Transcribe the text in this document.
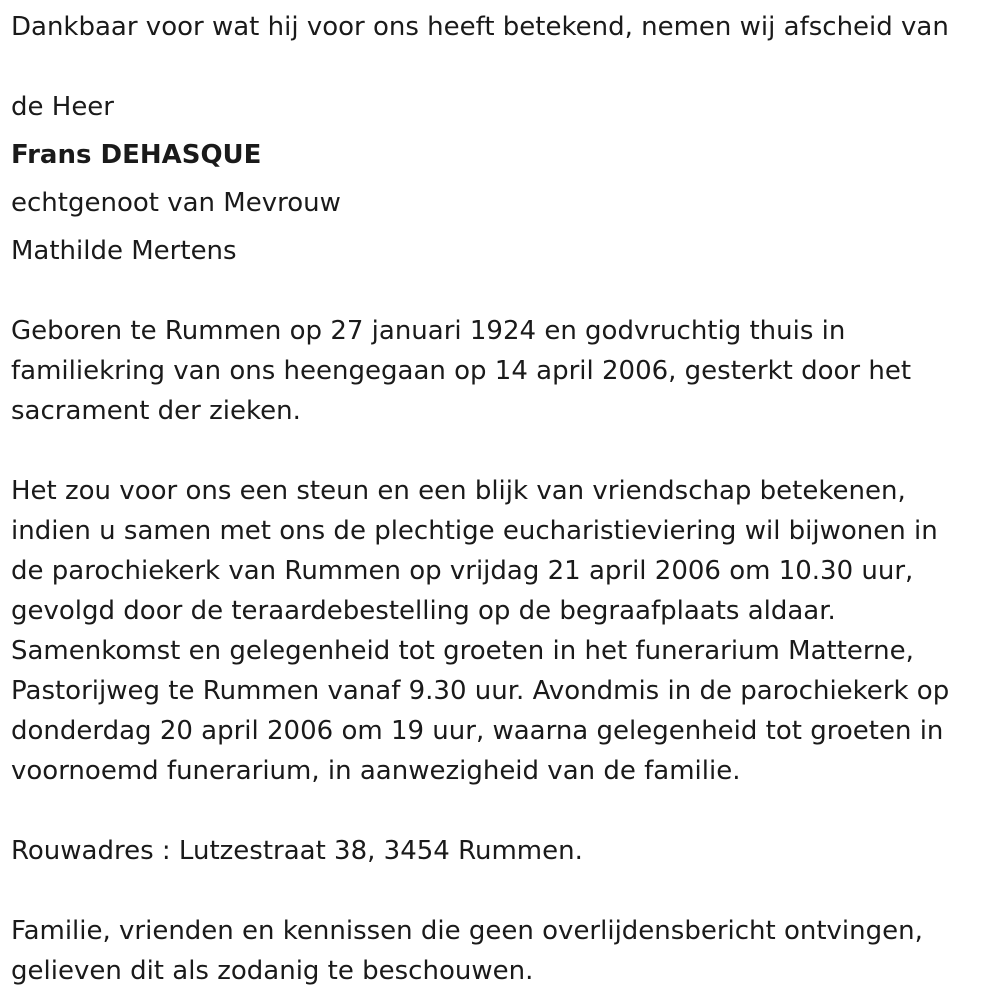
Dankbaar voor wat hij voor ons heeft betekend, nemen wij afscheid van
de Heer
Frans DEHASQUE
echtgenoot van Mevrouw
Mathilde Mertens
Geboren te Rummen op 27 januari 1924 en godvruchtig thuis in
familiekring van ons heengegaan op 14 april 2006, gesterkt door het
sacrament der zieken.
Het zou voor ons een steun en een blijk van vriendschap betekenen,
indien u samen met ons de plechtige eucharistieviering wil bijwonen in
de parochiekerk van Rummen op vrijdag 21 april 2006 om 10.30 uur,
gevolgd door de teraardebestelling op de begraafplaats aldaar.
Samenkomst en gelegenheid tot groeten in het funerarium Matterne,
Pastorijweg te Rummen vanaf 9.30 uur. Avondmis in de parochiekerk op
donderdag 20 april 2006 om 19 uur, waarna gelegenheid tot groeten in
voornoemd funerarium, in aanwezigheid van de familie.
Rouwadres : Lutzestraat 38, 3454 Rummen.
Familie, vrienden en kennissen die geen overlijdensbericht ontvingen,
gelieven dit als zodanig te beschouwen.
